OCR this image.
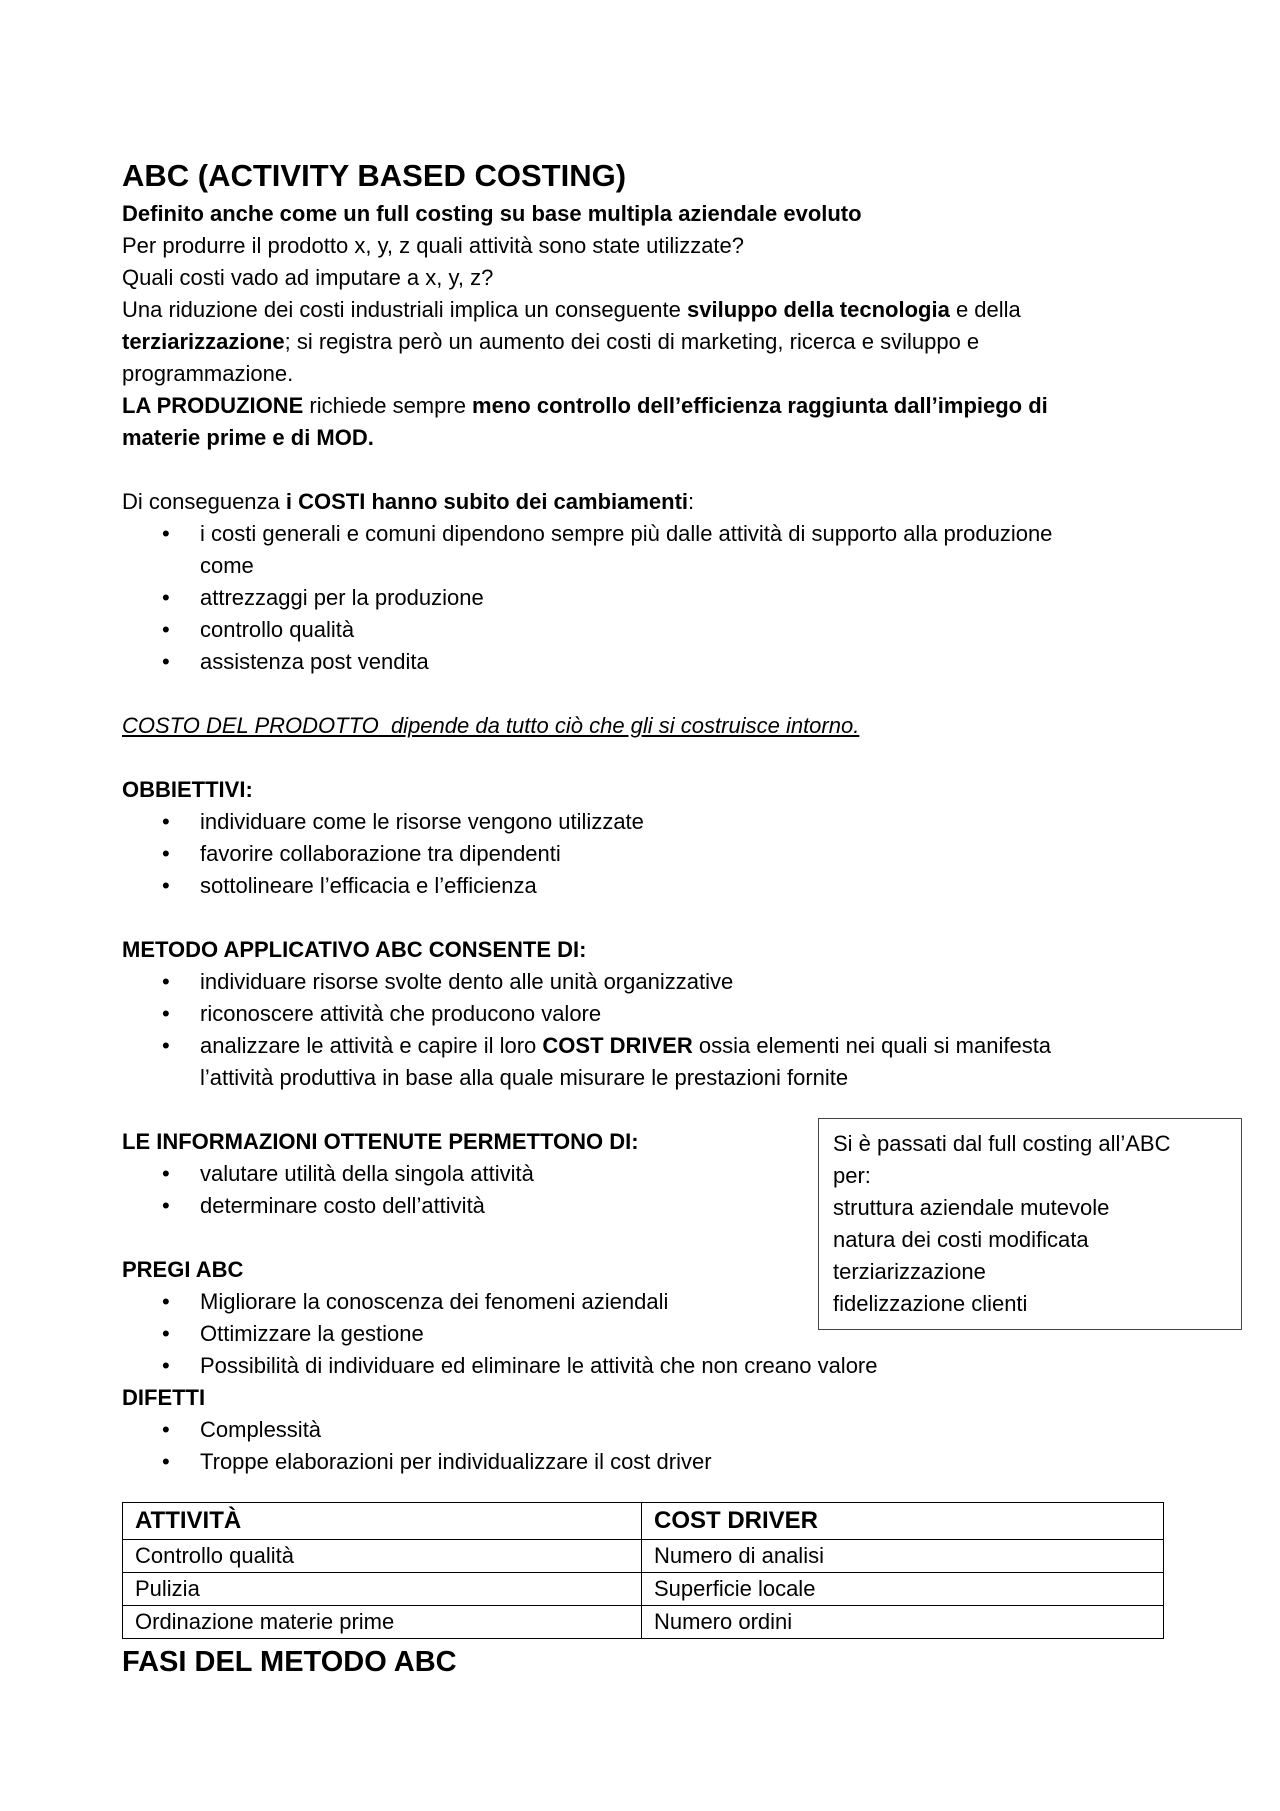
ABC (ACTIVITY BASED COSTING)

Definito anche come un full costing su base multipla aziendale evoluto

Per produrre il prodotto x, y, z quali attività sono state utilizzate?

Quali costi vado ad imputare a x, y, z?

Una riduzione dei costi industriali implica un conseguente sviluppo della tecnologia e della
terziarizzazione; si registra però un aumento dei costi di marketing, ricerca e sviluppo e
programmazione.

LA PRODUZIONE richiede sempre meno controllo dell’efficienza raggiunta dall’impiego di
materie prime e di MOD.

Di conseguenza i COSTI hanno subito dei cambiamenti:

• i costi generali e comuni dipendono sempre più dalle attività di supporto alla produzione
come
• attrezzaggi per la produzione
• controllo qualità
• assistenza post vendita

COSTO DEL PRODOTTO  dipende da tutto ciò che gli si costruisce intorno.

OBBIETTIVI:

• individuare come le risorse vengono utilizzate
• favorire collaborazione tra dipendenti
• sottolineare l’efficacia e l’efficienza

METODO APPLICATIVO ABC CONSENTE DI:

• individuare risorse svolte dento alle unità organizzative
• riconoscere attività che producono valore
• analizzare le attività e capire il loro COST DRIVER ossia elementi nei quali si manifesta
l’attività produttiva in base alla quale misurare le prestazioni fornite

LE INFORMAZIONI OTTENUTE PERMETTONO DI:

• valutare utilità della singola attività
• determinare costo dell’attività

PREGI ABC

• Migliorare la conoscenza dei fenomeni aziendali
• Ottimizzare la gestione
• Possibilità di individuare ed eliminare le attività che non creano valore

DIFETTI

• Complessità
• Troppe elaborazioni per individualizzare il cost driver
Si è passati dal full costing all’ABC
per:
struttura aziendale mutevole
natura dei costi modificata
terziarizzazione
fidelizzazione clienti
ATTIVITÀ	COST DRIVER
Controllo qualità	Numero di analisi
Pulizia	Superficie locale
Ordinazione materie prime	Numero ordini
FASI DEL METODO ABC
